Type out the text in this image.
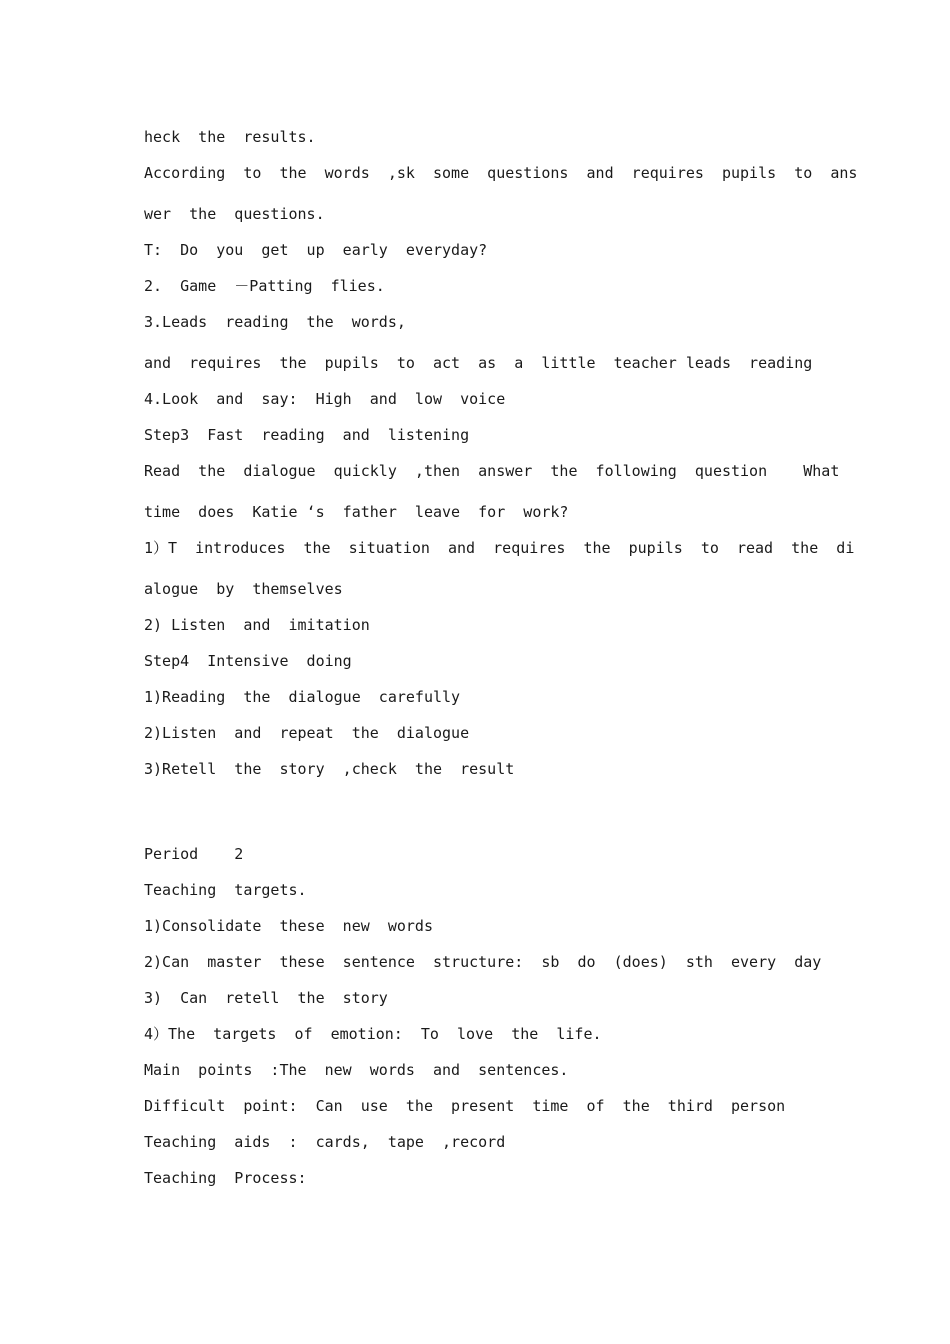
heck  the  results.

According  to  the  words  ,sk  some  questions  and  requires  pupils  to  ans

wer  the  questions.

T:  Do  you  get  up  early  everyday?

2.  Game  －Patting  flies.

3.Leads  reading  the  words,

and  requires  the  pupils  to  act  as  a  little  teacher leads  reading

4.Look  and  say:  High  and  low  voice

Step3  Fast  reading  and  listening

Read  the  dialogue  quickly  ,then  answer  the  following  question    What

time  does  Katie ‘s  father  leave  for  work?

1）T  introduces  the  situation  and  requires  the  pupils  to  read  the  di

alogue  by  themselves

2) Listen  and  imitation

Step4  Intensive  doing

1)Reading  the  dialogue  carefully

2)Listen  and  repeat  the  dialogue

3)Retell  the  story  ,check  the  result

Period    2

Teaching  targets.

1)Consolidate  these  new  words

2)Can  master  these  sentence  structure:  sb  do  (does)  sth  every  day

3)  Can  retell  the  story

4）The  targets  of  emotion:  To  love  the  life.

Main  points  :The  new  words  and  sentences.

Difficult  point:  Can  use  the  present  time  of  the  third  person

Teaching  aids  :  cards,  tape  ,record

Teaching  Process:
